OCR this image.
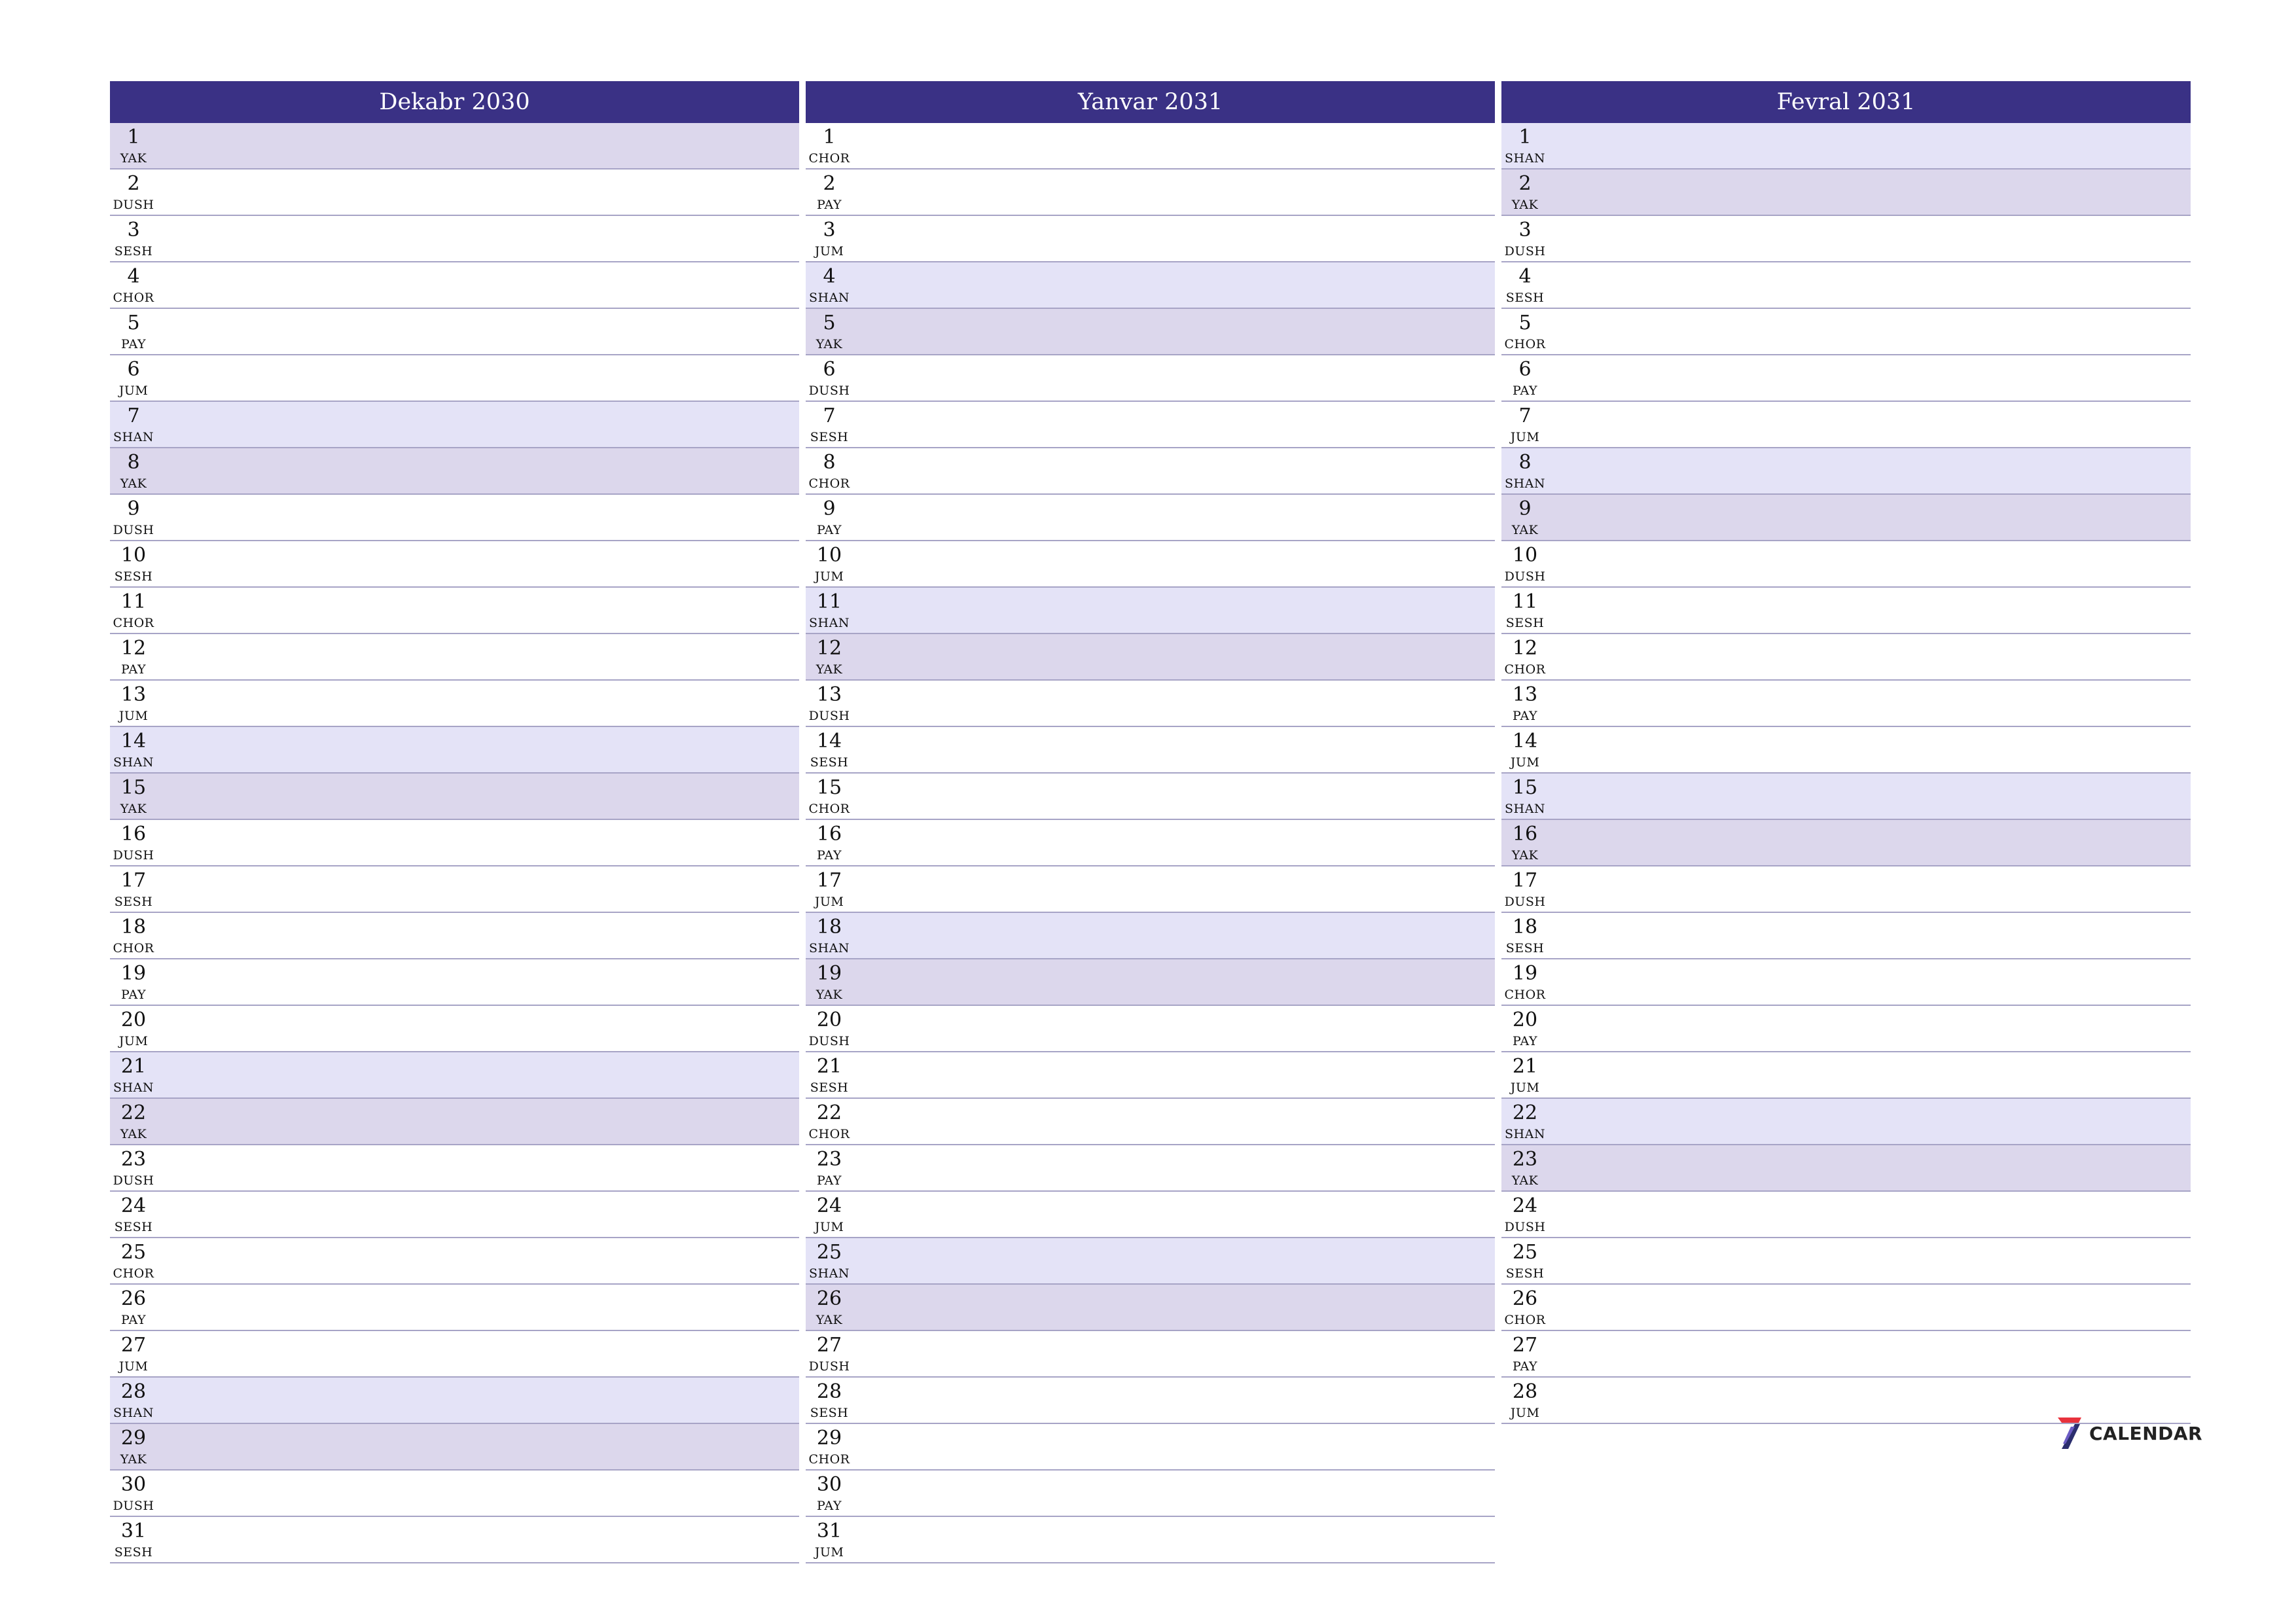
Dekabr 2030
1
YAK
2
DUSH
3
SESH
4
CHOR
5
PAY
6
JUM
7
SHAN
8
YAK
9
DUSH
10
SESH
11
CHOR
12
PAY
13
JUM
14
SHAN
15
YAK
16
DUSH
17
SESH
18
CHOR
19
PAY
20
JUM
21
SHAN
22
YAK
23
DUSH
24
SESH
25
CHOR
26
PAY
27
JUM
28
SHAN
29
YAK
30
DUSH
31
SESH
Yanvar 2031
1
CHOR
2
PAY
3
JUM
4
SHAN
5
YAK
6
DUSH
7
SESH
8
CHOR
9
PAY
10
JUM
11
SHAN
12
YAK
13
DUSH
14
SESH
15
CHOR
16
PAY
17
JUM
18
SHAN
19
YAK
20
DUSH
21
SESH
22
CHOR
23
PAY
24
JUM
25
SHAN
26
YAK
27
DUSH
28
SESH
29
CHOR
30
PAY
31
JUM
Fevral 2031
1
SHAN
2
YAK
3
DUSH
4
SESH
5
CHOR
6
PAY
7
JUM
8
SHAN
9
YAK
10
DUSH
11
SESH
12
CHOR
13
PAY
14
JUM
15
SHAN
16
YAK
17
DUSH
18
SESH
19
CHOR
20
PAY
21
JUM
22
SHAN
23
YAK
24
DUSH
25
SESH
26
CHOR
27
PAY
28
JUM
CALENDAR
